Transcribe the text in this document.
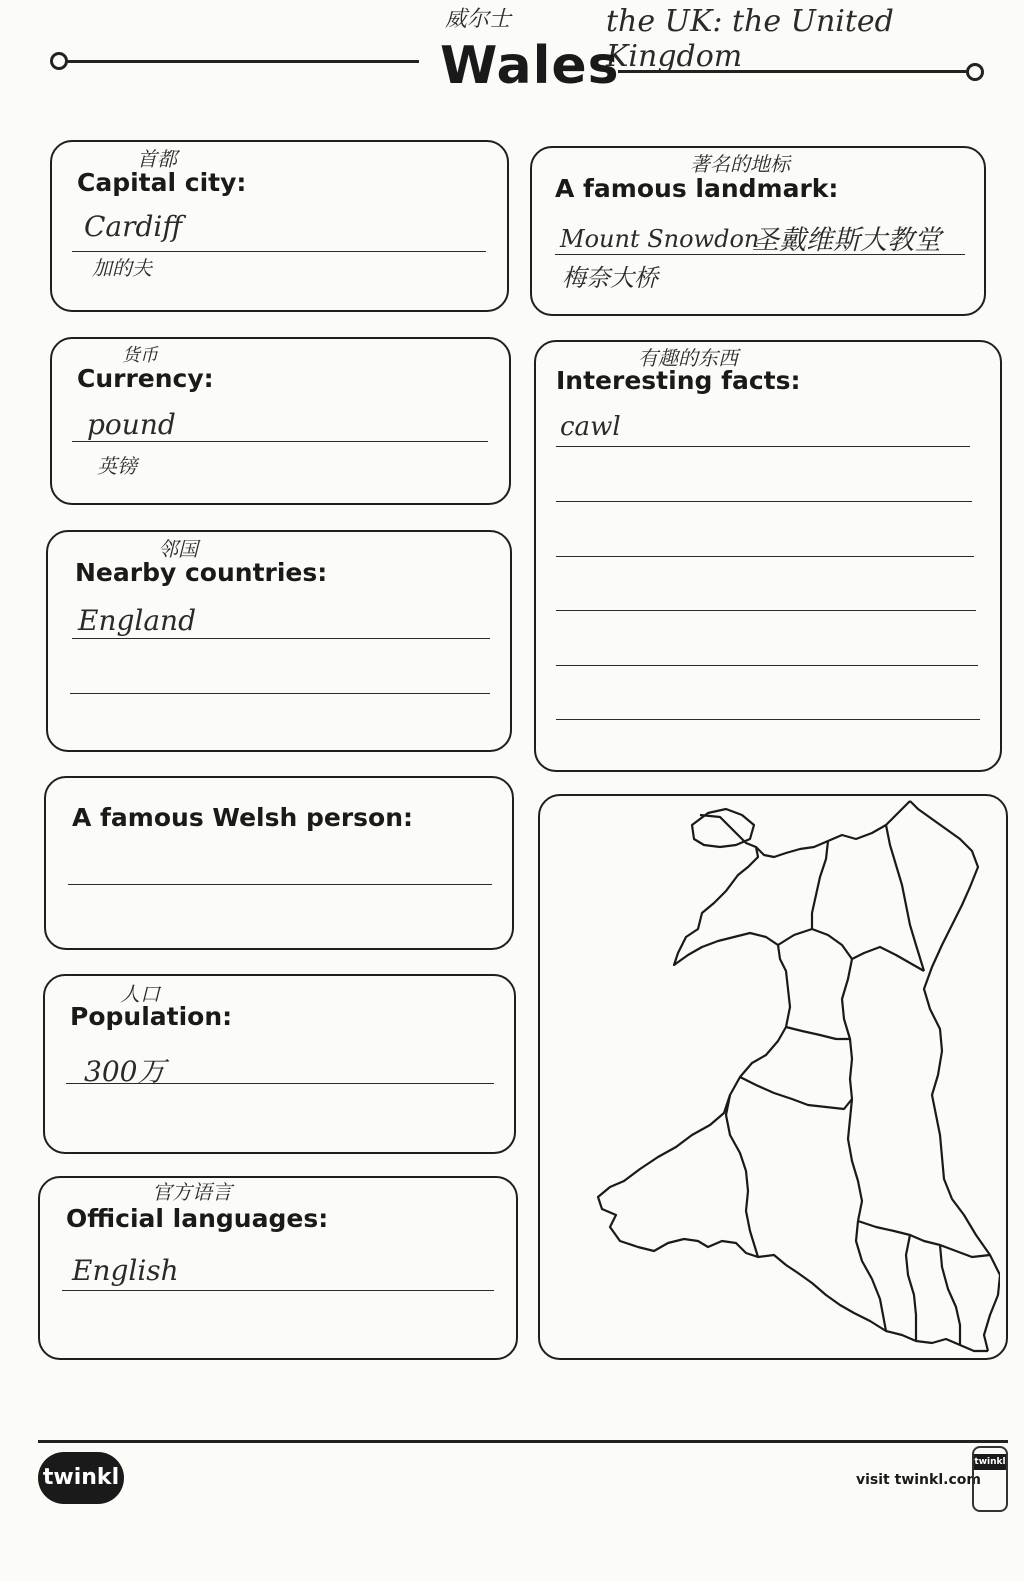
威尔士	the UK: the United Kingdom
Wales
首都
Capital city:
Cardiff
加的夫
著名的地标
A famous landmark:
Mount Snowdon
圣戴维斯大教堂
梅奈大桥
货币
Currency:
pound
英镑
有趣的东西
Interesting facts:
cawl
邻国
Nearby countries:
England
A famous Welsh person:
人口
Population:
300万
官方语言
Official languages:
English
twinkl	visit twinkl.com
twinkl
